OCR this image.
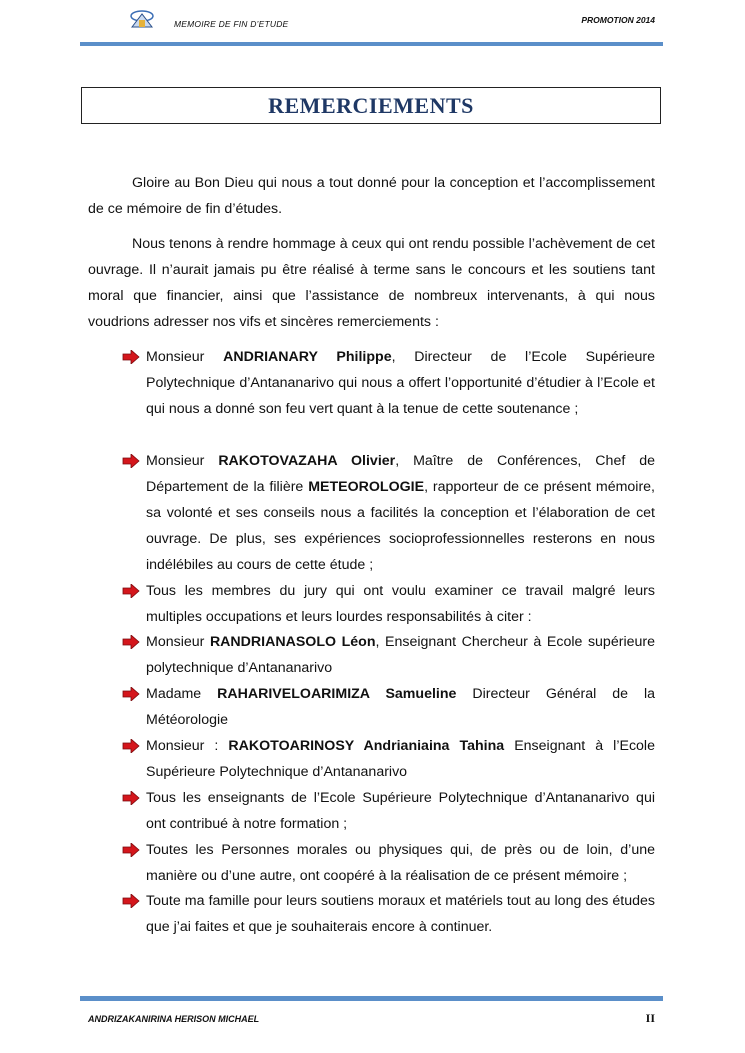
MEMOIRE DE FIN D’ETUDE	PROMOTION 2014
REMERCIEMENTS

Gloire au Bon Dieu qui nous a tout donné pour la conception et l’accomplissement de ce mémoire de fin d’études.

Nous tenons à rendre hommage à ceux qui ont rendu possible l’achèvement de cet ouvrage. Il n’aurait jamais pu être réalisé à terme sans le concours et les soutiens tant moral que financier, ainsi que l’assistance de nombreux intervenants, à qui nous voudrions adresser nos vifs et sincères remerciements :

Monsieur ANDRIANARY Philippe, Directeur de l’Ecole Supérieure Polytechnique d’Antananarivo qui nous a offert l’opportunité d’étudier à l’Ecole et qui nous a donné son feu vert quant à la tenue de cette soutenance ;

Monsieur RAKOTOVAZAHA Olivier, Maître de Conférences, Chef de Département de la filière METEOROLOGIE, rapporteur de ce présent mémoire, sa volonté et ses conseils nous a facilités la conception et l’élaboration de cet ouvrage. De plus, ses expériences socioprofessionnelles resterons en nous indélébiles au cours de cette étude ;

Tous les membres du jury qui ont voulu examiner ce travail malgré leurs multiples occupations et leurs lourdes responsabilités à citer :

Monsieur RANDRIANASOLO Léon, Enseignant Chercheur à Ecole supérieure polytechnique d’Antananarivo

Madame RAHARIVELOARIMIZA Samueline Directeur Général de la Météorologie

Monsieur : RAKOTOARINOSY Andrianiaina Tahina Enseignant à l’Ecole Supérieure Polytechnique d’Antananarivo

Tous les enseignants de l’Ecole Supérieure Polytechnique d’Antananarivo qui ont contribué à notre formation ;

Toutes les Personnes morales ou physiques qui, de près ou de loin, d’une manière ou d’une autre, ont coopéré à la réalisation de ce présent mémoire ;

Toute ma famille pour leurs soutiens moraux et matériels tout au long des études que j’ai faites et que je souhaiterais encore à continuer.

ANDRIZAKANIRINA HERISON MICHAEL	II
